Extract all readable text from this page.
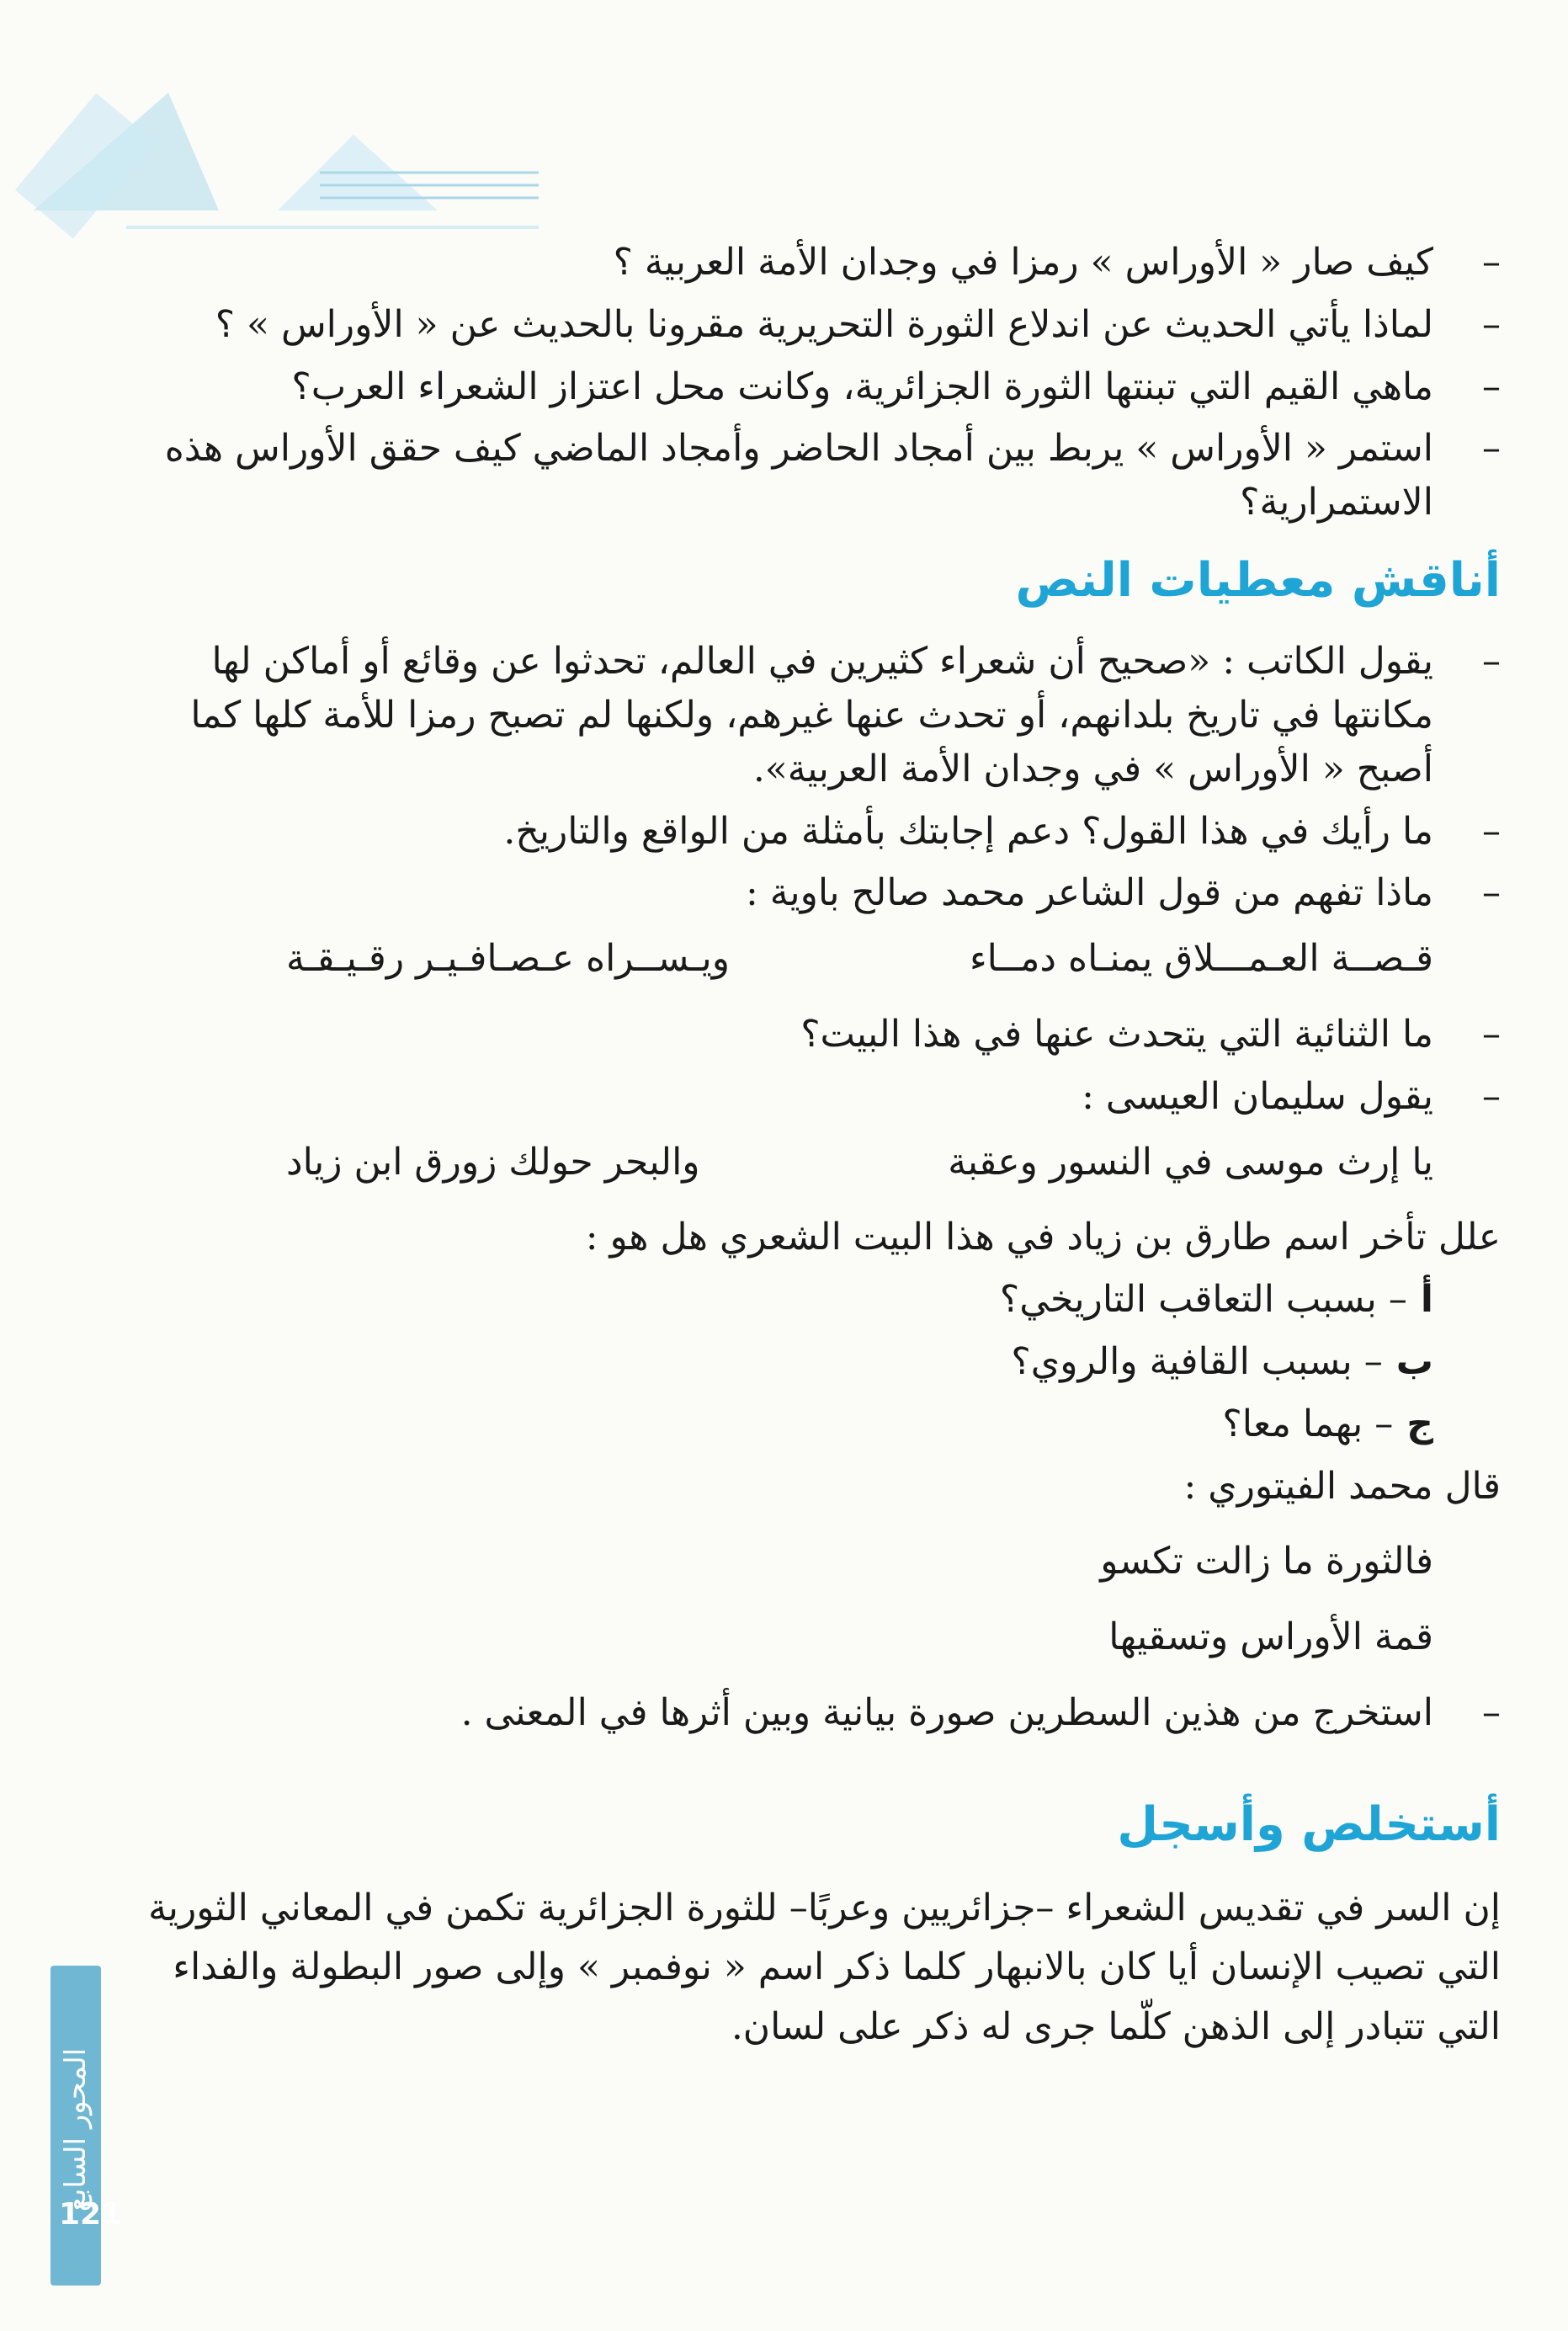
–
كيف صار « الأوراس » رمزا في وجدان الأمة العربية ؟

–
لماذا يأتي الحديث عن اندلاع الثورة التحريرية مقرونا بالحديث عن « الأوراس » ؟

–
ماهي القيم التي تبنتها الثورة الجزائرية، وكانت محل اعتزاز الشعراء العرب؟

–
استمر « الأوراس » يربط بين أمجاد الحاضر وأمجاد الماضي كيف حقق الأوراس هذه الاستمرارية؟

أناقش معطيات النص

–
يقول الكاتب : «صحيح أن شعراء كثيرين في العالم، تحدثوا عن وقائع أو أماكن لها مكانتها في تاريخ بلدانهم، أو تحدث عنها غيرهم، ولكنها لم تصبح رمزا للأمة كلها كما أصبح « الأوراس » في وجدان الأمة العربية».

–
ما رأيك في هذا القول؟ دعم إجابتك بأمثلة من الواقع والتاريخ.

–
ماذا تفهم من قول الشاعر محمد صالح باوية :

قـصــة العـمـــلاق يمنـاه دمــاء
ويـســراه عـصـافـيـر رقـيـقـة

–
ما الثنائية التي يتحدث عنها في هذا البيت؟

–
يقول سليمان العيسى :

يا إرث موسى في النسور وعقبة
والبحر حولك زورق ابن زياد

علل تأخر اسم طارق بن زياد في هذا البيت الشعري هل هو :

أ– بسبب التعاقب التاريخي؟

ب– بسبب القافية والروي؟

ج– بهما معا؟

قال محمد الفيتوري :

فالثورة ما زالت تكسو

قمة الأوراس وتسقيها

–
استخرج من هذين السطرين صورة بيانية وبين أثرها في المعنى .

أستخلص وأسجل

إن السر في تقديس الشعراء –جزائريين وعربًا– للثورة الجزائرية تكمن في المعاني الثورية التي تصيب الإنسان أيا كان بالانبهار كلما ذكر اسم « نوفمبر » وإلى صور البطولة والفداء التي تتبادر إلى الذهن كلّما جرى له ذكر على لسان.

المحور السابع
121
